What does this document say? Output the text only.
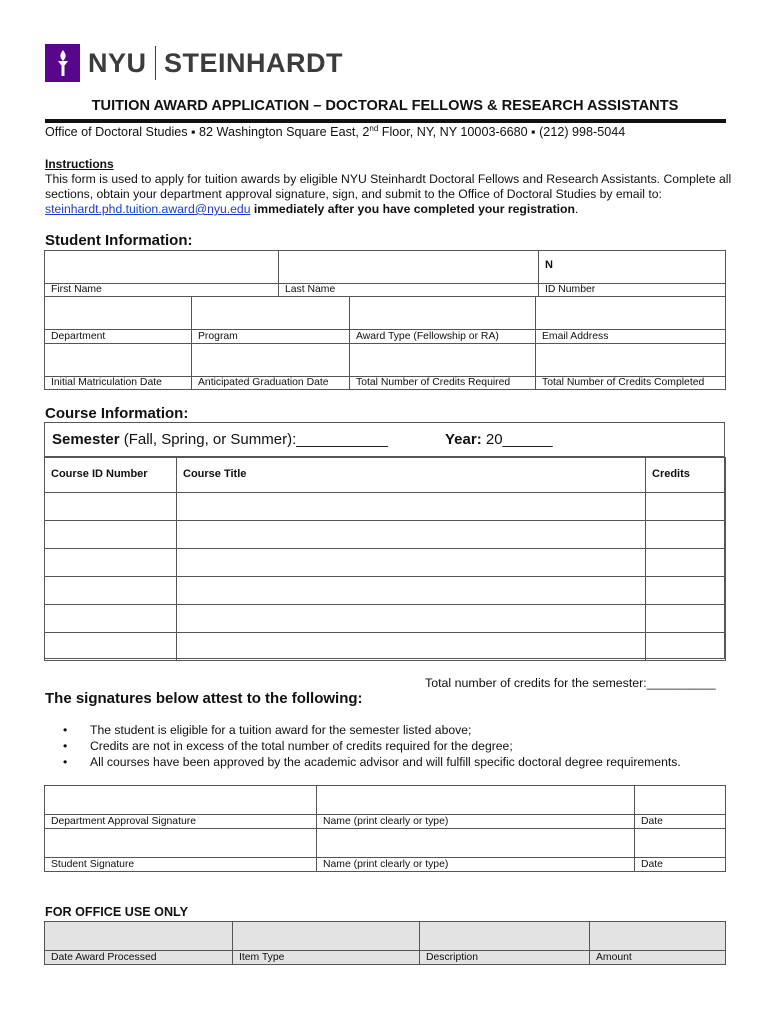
NYU STEINHARDT
TUITION AWARD APPLICATION – DOCTORAL FELLOWS & RESEARCH ASSISTANTS
Office of Doctoral Studies ▪ 82 Washington Square East, 2nd Floor, NY, NY 10003-6680 ▪ (212) 998-5044
Instructions
This form is used to apply for tuition awards by eligible NYU Steinhardt Doctoral Fellows and Research Assistants. Complete all sections, obtain your department approval signature, sign, and submit to the Office of Doctoral Studies by email to: steinhardt.phd.tuition.award@nyu.edu immediately after you have completed your registration.
Student Information:
		N
First Name	Last Name	ID Number

Department	Program	Award Type (Fellowship or RA)	Email Address

Initial Matriculation Date	Anticipated Graduation Date	Total Number of Credits Required	Total Number of Credits Completed
Course Information:
Semester (Fall, Spring, or Summer):___________	Year: 20______
Course ID Number	Course Title	Credits

Total number of credits for the semester:__________
The signatures below attest to the following:
• The student is eligible for a tuition award for the semester listed above;
• Credits are not in excess of the total number of credits required for the degree;
• All courses have been approved by the academic advisor and will fulfill specific doctoral degree requirements.

Department Approval Signature	Name (print clearly or type)	Date

Student Signature	Name (print clearly or type)	Date
FOR OFFICE USE ONLY

Date Award Processed	Item Type	Description	Amount
